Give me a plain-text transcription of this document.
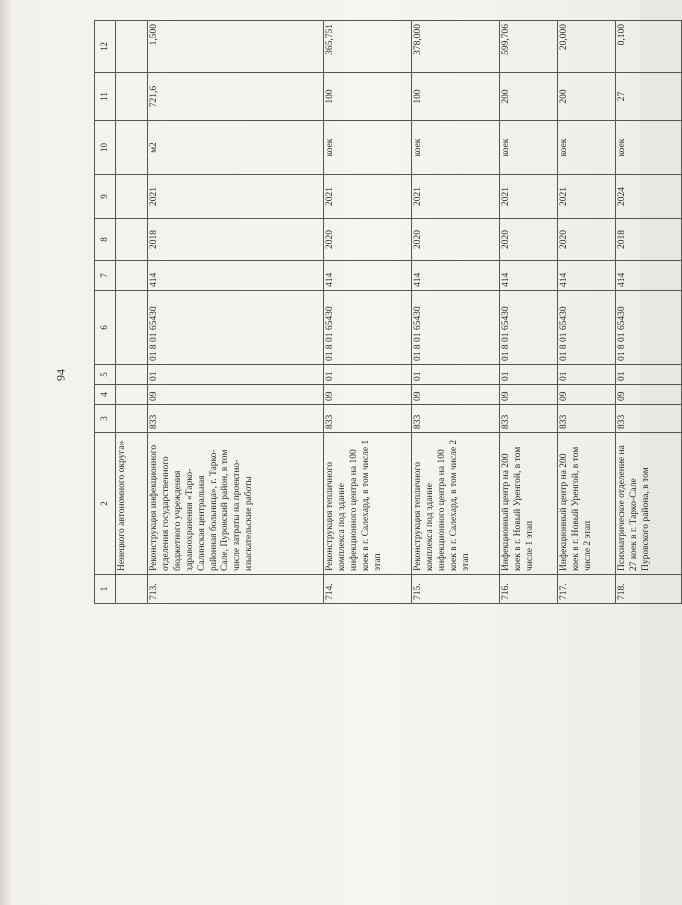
94
1	2	3	4	5	6	7	8	9	10	11	12
	Ненецкого автономного округа»										
713.	Реконструкция инфекционного отделения государственного бюджетного учреждения здравоохранения «Тарко-Салинская центральная районная больница», г. Тарко-Сале, Пуровский район, в том числе затраты на проектно-изыскательские работы	833	09	01	01 8 01 65430	414	2018	2021	м2	721,6	1,500
714.	Реконструкция тепличного комплекса под здание инфекционного центра на 100 коек в г. Салехард, в том числе 1 этап	833	09	01	01 8 01 65430	414	2020	2021	коек	100	365,751
715.	Реконструкция тепличного комплекса под здание инфекционного центра на 100 коек в г. Салехард, в том числе 2 этап	833	09	01	01 8 01 65430	414	2020	2021	коек	100	378,000
716.	Инфекционный центр на 200 коек в г. Новый Уренгой, в том числе 1 этап	833	09	01	01 8 01 65430	414	2020	2021	коек	200	599,706
717.	Инфекционный центр на 200 коек в г. Новый Уренгой, в том числе 2 этап	833	09	01	01 8 01 65430	414	2020	2021	коек	200	20,000
718.	Психиатрическое отделение на 27 коек в г. Тарко-Сале Пуровского района, в том	833	09	01	01 8 01 65430	414	2018	2024	коек	27	0,100
